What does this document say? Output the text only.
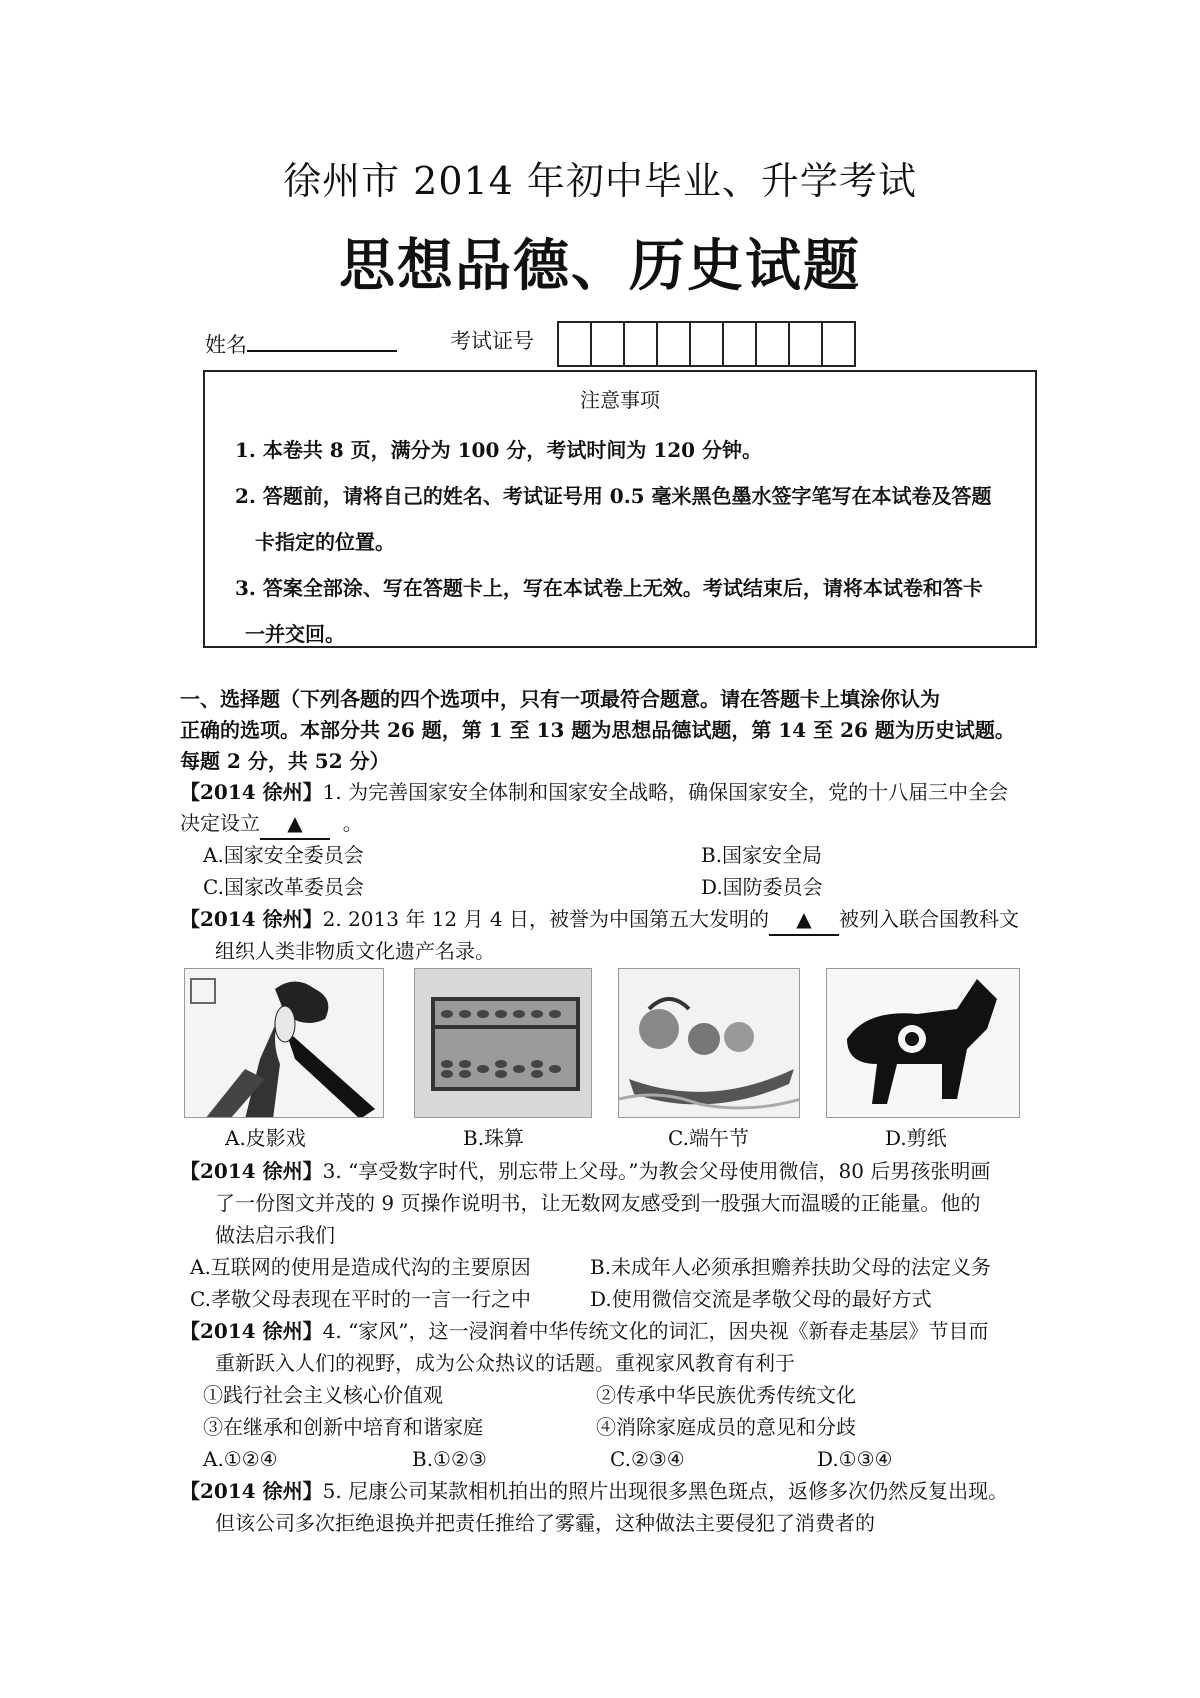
徐州市 2014 年初中毕业、升学考试
思想品德、历史试题
姓名	考试证号
注意事项
1. 本卷共 8 页，满分为 100 分，考试时间为 120 分钟。
2. 答题前，请将自己的姓名、考试证号用 0.5 毫米黑色墨水签字笔写在本试卷及答题
卡指定的位置。
3. 答案全部涂、写在答题卡上，写在本试卷上无效。考试结束后，请将本试卷和答卡
一并交回。
一、选择题（下列各题的四个选项中，只有一项最符合题意。请在答题卡上填涂你认为
正确的选项。本部分共 26 题，第 1 至 13 题为思想品德试题，第 14 至 26 题为历史试题。
每题 2 分，共 52 分）
【2014 徐州】1. 为完善国家安全体制和国家安全战略，确保国家安全，党的十八届三中全会
决定设立 ▲ 。
A.国家安全委员会	B.国家安全局
C.国家改革委员会	D.国防委员会
【2014 徐州】2. 2013 年 12 月 4 日，被誉为中国第五大发明的 ▲ 被列入联合国教科文
组织人类非物质文化遗产名录。
A.皮影戏	B.珠算	C.端午节	D.剪纸
【2014 徐州】3. “享受数字时代，别忘带上父母。”为教会父母使用微信，80 后男孩张明画
了一份图文并茂的 9 页操作说明书，让无数网友感受到一股强大而温暖的正能量。他的
做法启示我们
A.互联网的使用是造成代沟的主要原因	B.未成年人必须承担赡养扶助父母的法定义务
C.孝敬父母表现在平时的一言一行之中	D.使用微信交流是孝敬父母的最好方式
【2014 徐州】4. “家风”，这一浸润着中华传统文化的词汇，因央视《新春走基层》节目而
重新跃入人们的视野，成为公众热议的话题。重视家风教育有利于
①践行社会主义核心价值观	②传承中华民族优秀传统文化
③在继承和创新中培育和谐家庭	④消除家庭成员的意见和分歧
A.①②④	B.①②③	C.②③④	D.①③④
【2014 徐州】5. 尼康公司某款相机拍出的照片出现很多黑色斑点，返修多次仍然反复出现。
但该公司多次拒绝退换并把责任推给了雾霾，这种做法主要侵犯了消费者的
